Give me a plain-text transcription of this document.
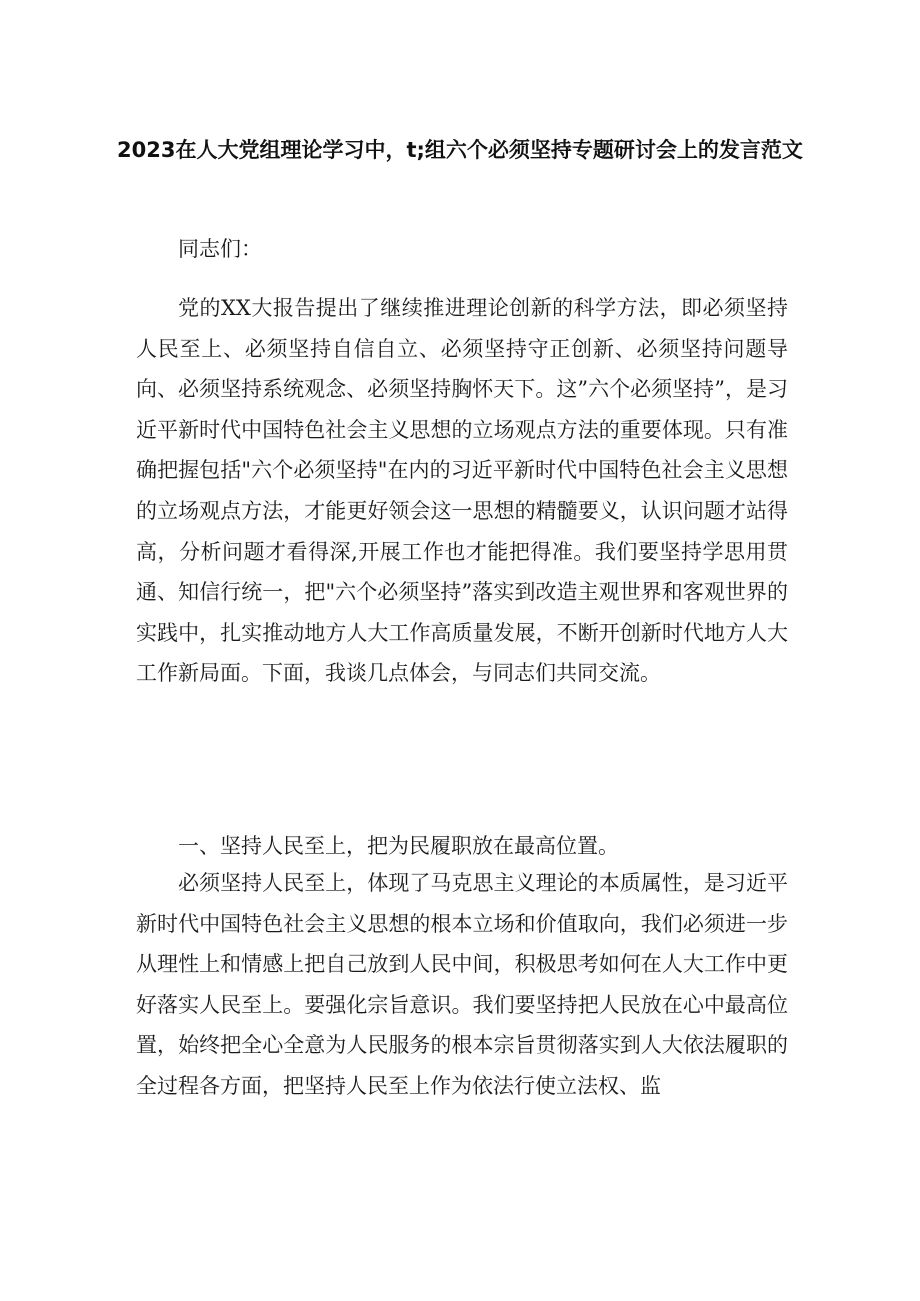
2023在人大党组理论学习中，t;组六个必须坚持专题研讨会上的发言范文

同志们：

党的XX大报告提出了继续推进理论创新的科学方法，即必须坚持人民至上、必须坚持自信自立、必须坚持守正创新、必须坚持问题导向、必须坚持系统观念、必须坚持胸怀天下。这”六个必须坚持”，是习近平新时代中国特色社会主义思想的立场观点方法的重要体现。只有准确把握包括"六个必须坚持"在内的习近平新时代中国特色社会主义思想的立场观点方法，才能更好领会这一思想的精髓要义，认识问题才站得高，分析问题才看得深,开展工作也才能把得准。我们要坚持学思用贯通、知信行统一，把"六个必须坚持”落实到改造主观世界和客观世界的实践中，扎实推动地方人大工作高质量发展，不断开创新时代地方人大工作新局面。下面，我谈几点体会，与同志们共同交流。

一、坚持人民至上，把为民履职放在最高位置。

必须坚持人民至上，体现了马克思主义理论的本质属性，是习近平新时代中国特色社会主义思想的根本立场和价值取向，我们必须进一步从理性上和情感上把自己放到人民中间，积极思考如何在人大工作中更好落实人民至上。要强化宗旨意识。我们要坚持把人民放在心中最高位置，始终把全心全意为人民服务的根本宗旨贯彻落实到人大依法履职的全过程各方面，把坚持人民至上作为依法行使立法权、监
